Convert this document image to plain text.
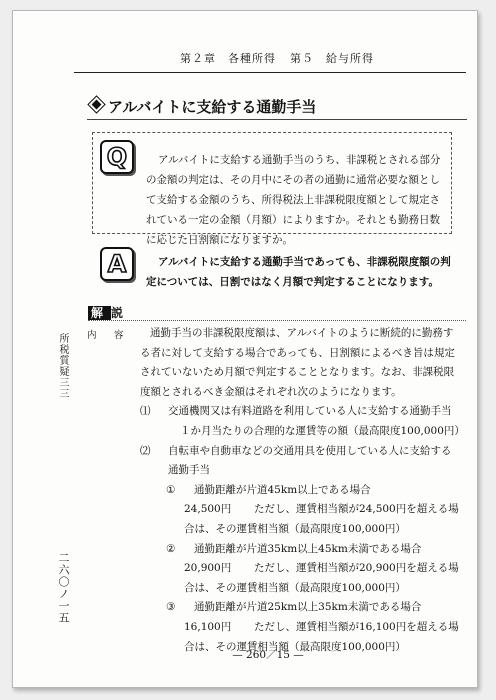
第２章　各種所得 第５　給与所得
アルバイトに支給する通勤手当
Q	アルバイトに支給する通勤手当のうち、非課税とされる部分の金額の判定は、その月中にその者の通勤に通常必要な額として支給する金額のうち、所得税法上非課税限度額として規定されている一定の金額（月額）によりますか。それとも勤務日数に応じた日割額になりますか。
A	アルバイトに支給する通勤手当であっても、非課税限度額の判定については、日割ではなく月額で判定することになります。
解 説
内　容	通勤手当の非課税限度額は、アルバイトのように断続的に勤務する者に対して支給する場合であっても、日割額によるべき旨は規定されていないため月額で判定することとなります。なお、非課税限度額とされるべき金額はそれぞれ次のようになります。
⑴ 交通機関又は有料道路を利用している人に支給する通勤手当
１か月当たりの合理的な運賃等の額（最高限度100,000円）
⑵ 自転車や自動車などの交通用具を使用している人に支給する通勤手当
① 通勤距離が片道45km以上である場合
24,500円 ただし、運賃相当額が24,500円を超える場合は、その運賃相当額（最高限度100,000円）
② 通勤距離が片道35km以上45km未満である場合
20,900円 ただし、運賃相当額が20,900円を超える場合は、その運賃相当額（最高限度100,000円）
③ 通勤距離が片道25km以上35km未満である場合
16,100円 ただし、運賃相当額が16,100円を超える場合は、その運賃相当額（最高限度100,000円）
所税質疑三三
二六〇ノ一五
— 260／15 —
